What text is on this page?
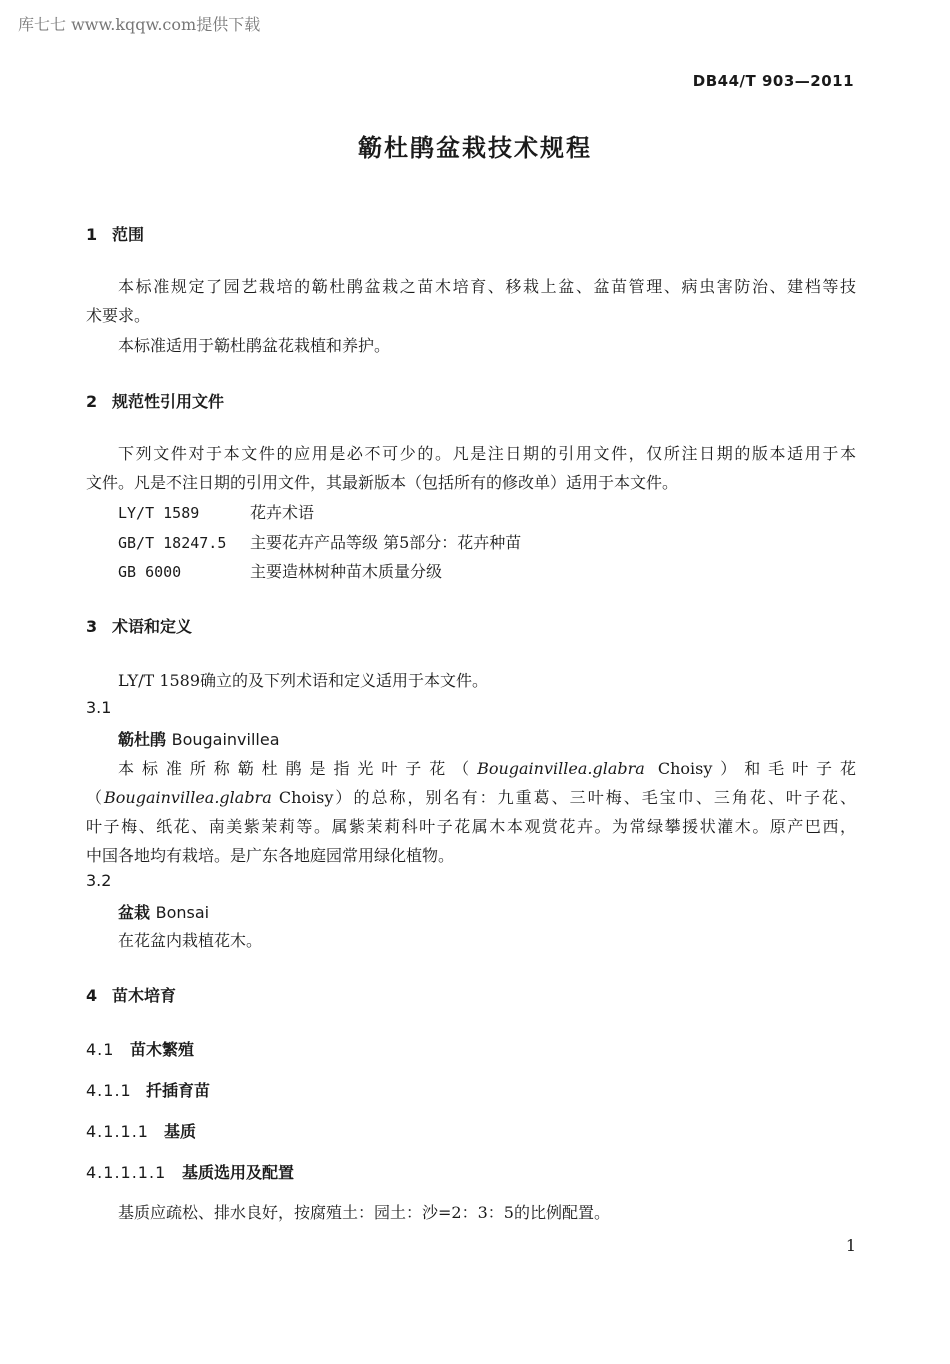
库七七 www.kqqw.com提供下载
DB44/T 903—2011
簕杜鹃盆栽技术规程
1 范围
本标准规定了园艺栽培的簕杜鹃盆栽之苗木培育、移栽上盆、盆苗管理、病虫害防治、建档等技
术要求。
本标准适用于簕杜鹃盆花栽植和养护。
2 规范性引用文件
下列文件对于本文件的应用是必不可少的。凡是注日期的引用文件，仅所注日期的版本适用于本
文件。凡是不注日期的引用文件，其最新版本（包括所有的修改单）适用于本文件。
LY/T 1589	花卉术语
GB/T 18247.5 主要花卉产品等级 第5部分：花卉种苗
GB 6000	主要造林树种苗木质量分级
3 术语和定义
LY/T 1589确立的及下列术语和定义适用于本文件。
3.1
簕杜鹃 Bougainvillea
本标准所称簕杜鹃是指光叶子花（Bougainvillea.glabra Choisy）和毛叶子花
（Bougainvillea.glabra Choisy）的总称，别名有：九重葛、三叶梅、毛宝巾、三角花、叶子花、
叶子梅、纸花、南美紫茉莉等。属紫茉莉科叶子花属木本观赏花卉。为常绿攀援状灌木。原产巴西，
中国各地均有栽培。是广东各地庭园常用绿化植物。
3.2
盆栽 Bonsai
在花盆内栽植花木。
4 苗木培育
4.1 苗木繁殖
4.1.1 扦插育苗
4.1.1.1 基质
4.1.1.1.1 基质选用及配置
基质应疏松、排水良好，按腐殖土：园土：沙=2：3：5的比例配置。
1
